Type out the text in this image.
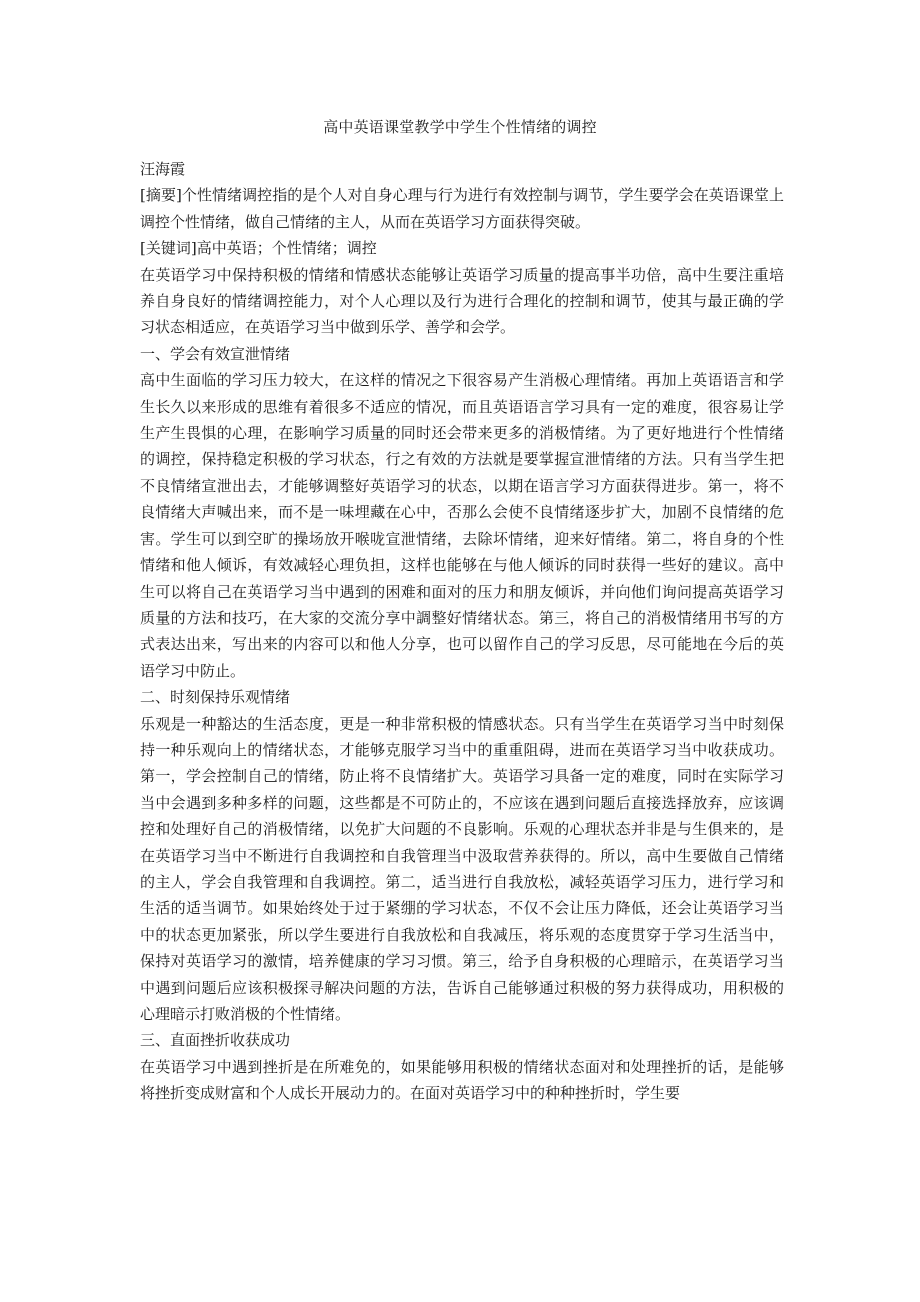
高中英语课堂教学中学生个性情绪的调控

汪海霞

[摘要]个性情绪调控指的是个人对自身心理与行为进行有效控制与调节，学生要学会在英语课堂上调控个性情绪，做自己情绪的主人，从而在英语学习方面获得突破。

[关键词]高中英语；个性情绪；调控

在英语学习中保持积极的情绪和情感状态能够让英语学习质量的提高事半功倍，高中生要注重培养自身良好的情绪调控能力，对个人心理以及行为进行合理化的控制和调节，使其与最正确的学习状态相适应，在英语学习当中做到乐学、善学和会学。

一、学会有效宣泄情绪

高中生面临的学习压力较大，在这样的情况之下很容易产生消极心理情绪。再加上英语语言和学生长久以来形成的思维有着很多不适应的情况，而且英语语言学习具有一定的难度，很容易让学生产生畏惧的心理，在影响学习质量的同时还会带来更多的消极情绪。为了更好地进行个性情绪的调控，保持稳定积极的学习状态，行之有效的方法就是要掌握宣泄情绪的方法。只有当学生把不良情绪宣泄出去，才能够调整好英语学习的状态，以期在语言学习方面获得进步。第一，将不良情绪大声喊出来，而不是一味埋藏在心中，否那么会使不良情绪逐步扩大，加剧不良情绪的危害。学生可以到空旷的操场放开喉咙宣泄情绪，去除坏情绪，迎来好情绪。第二，将自身的个性情绪和他人倾诉，有效减轻心理负担，这样也能够在与他人倾诉的同时获得一些好的建议。高中生可以将自己在英语学习当中遇到的困难和面对的压力和朋友倾诉，并向他们询问提高英语学习质量的方法和技巧，在大家的交流分享中調整好情绪状态。第三，将自己的消极情绪用书写的方式表达出来，写出来的内容可以和他人分享，也可以留作自己的学习反思，尽可能地在今后的英语学习中防止。

二、时刻保持乐观情绪

乐观是一种豁达的生活态度，更是一种非常积极的情感状态。只有当学生在英语学习当中时刻保持一种乐观向上的情绪状态，才能够克服学习当中的重重阻碍，进而在英语学习当中收获成功。第一，学会控制自己的情绪，防止将不良情绪扩大。英语学习具备一定的难度，同时在实际学习当中会遇到多种多样的问题，这些都是不可防止的，不应该在遇到问题后直接选择放弃，应该调控和处理好自己的消极情绪，以免扩大问题的不良影响。乐观的心理状态并非是与生俱来的，是在英语学习当中不断进行自我调控和自我管理当中汲取营养获得的。所以，高中生要做自己情绪的主人，学会自我管理和自我调控。第二，适当进行自我放松，减轻英语学习压力，进行学习和生活的适当调节。如果始终处于过于紧绷的学习状态，不仅不会让压力降低，还会让英语学习当中的状态更加紧张，所以学生要进行自我放松和自我减压，将乐观的态度贯穿于学习生活当中，保持对英语学习的激情，培养健康的学习习惯。第三，给予自身积极的心理暗示，在英语学习当中遇到问题后应该积极探寻解决问题的方法，告诉自己能够通过积极的努力获得成功，用积极的心理暗示打败消极的个性情绪。

三、直面挫折收获成功

在英语学习中遇到挫折是在所难免的，如果能够用积极的情绪状态面对和处理挫折的话，是能够将挫折变成财富和个人成长开展动力的。在面对英语学习中的种种挫折时，学生要
